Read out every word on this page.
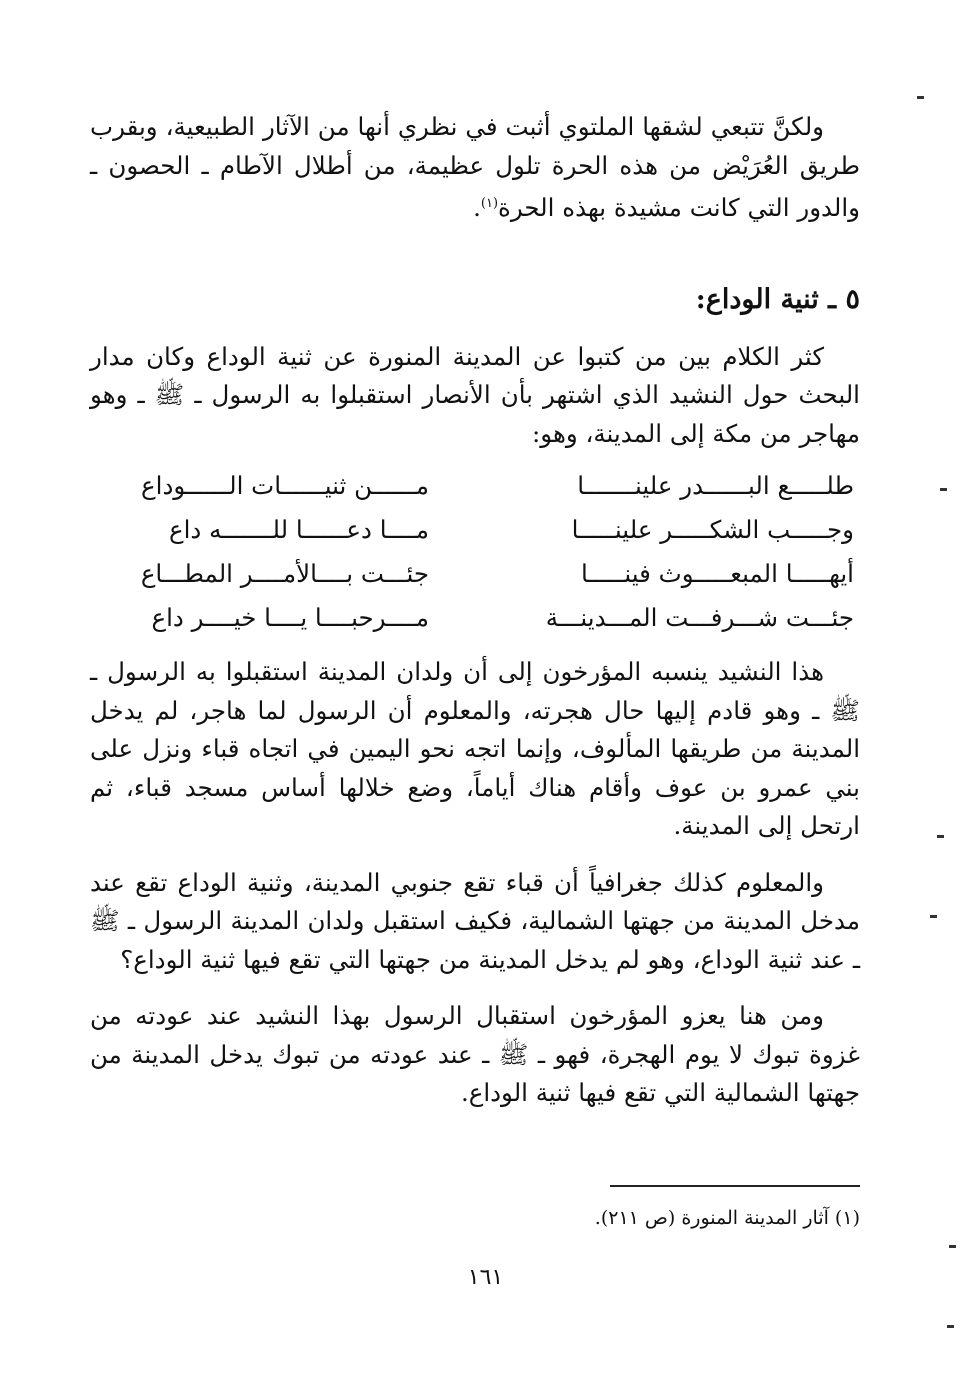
ولكنَّ تتبعي لشقها الملتوي أثبت في نظري أنها من الآثار الطبيعية، وبقرب طريق العُرَيْض من هذه الحرة تلول عظيمة، من أطلال الآطام ـ الحصون ـ والدور التي كانت مشيدة بهذه الحرة$^{(١)}$.

٥ ـ ثنية الوداع:

كثر الكلام بين من كتبوا عن المدينة المنورة عن ثنية الوداع وكان مدار البحث حول النشيد الذي اشتهر بأن الأنصار استقبلوا به الرسول ـ ﷺ ـ وهو مهاجر من مكة إلى المدينة، وهو:

طلـــــع البــــــدر علينـــــــا
مــــــن ثنيــــــات الــــــوداع
وجـــــب الشكـــــر علينـــــا
مــــا دعــــــا للـــــــه داع
أيهـــــا المبعـــــوث فينـــــا
جئـــت بــــالأمــــر المطـــاع
جئـــت شـــرفـــت المـــدينـــة
مــــرحبــــا يــــا خيــــر داع

هذا النشيد ينسبه المؤرخون إلى أن ولدان المدينة استقبلوا به الرسول ـ ﷺ ـ وهو قادم إليها حال هجرته، والمعلوم أن الرسول لما هاجر، لم يدخل المدينة من طريقها المألوف، وإنما اتجه نحو اليمين في اتجاه قباء ونزل على بني عمرو بن عوف وأقام هناك أياماً، وضع خلالها أساس مسجد قباء، ثم ارتحل إلى المدينة.

والمعلوم كذلك جغرافياً أن قباء تقع جنوبي المدينة، وثنية الوداع تقع عند مدخل المدينة من جهتها الشمالية، فكيف استقبل ولدان المدينة الرسول ـ ﷺ ـ عند ثنية الوداع، وهو لم يدخل المدينة من جهتها التي تقع فيها ثنية الوداع؟

ومن هنا يعزو المؤرخون استقبال الرسول بهذا النشيد عند عودته من غزوة تبوك لا يوم الهجرة، فهو ـ ﷺ ـ عند عودته من تبوك يدخل المدينة من جهتها الشمالية التي تقع فيها ثنية الوداع.

(١) آثار المدينة المنورة (ص ٢١١).
١٦١
